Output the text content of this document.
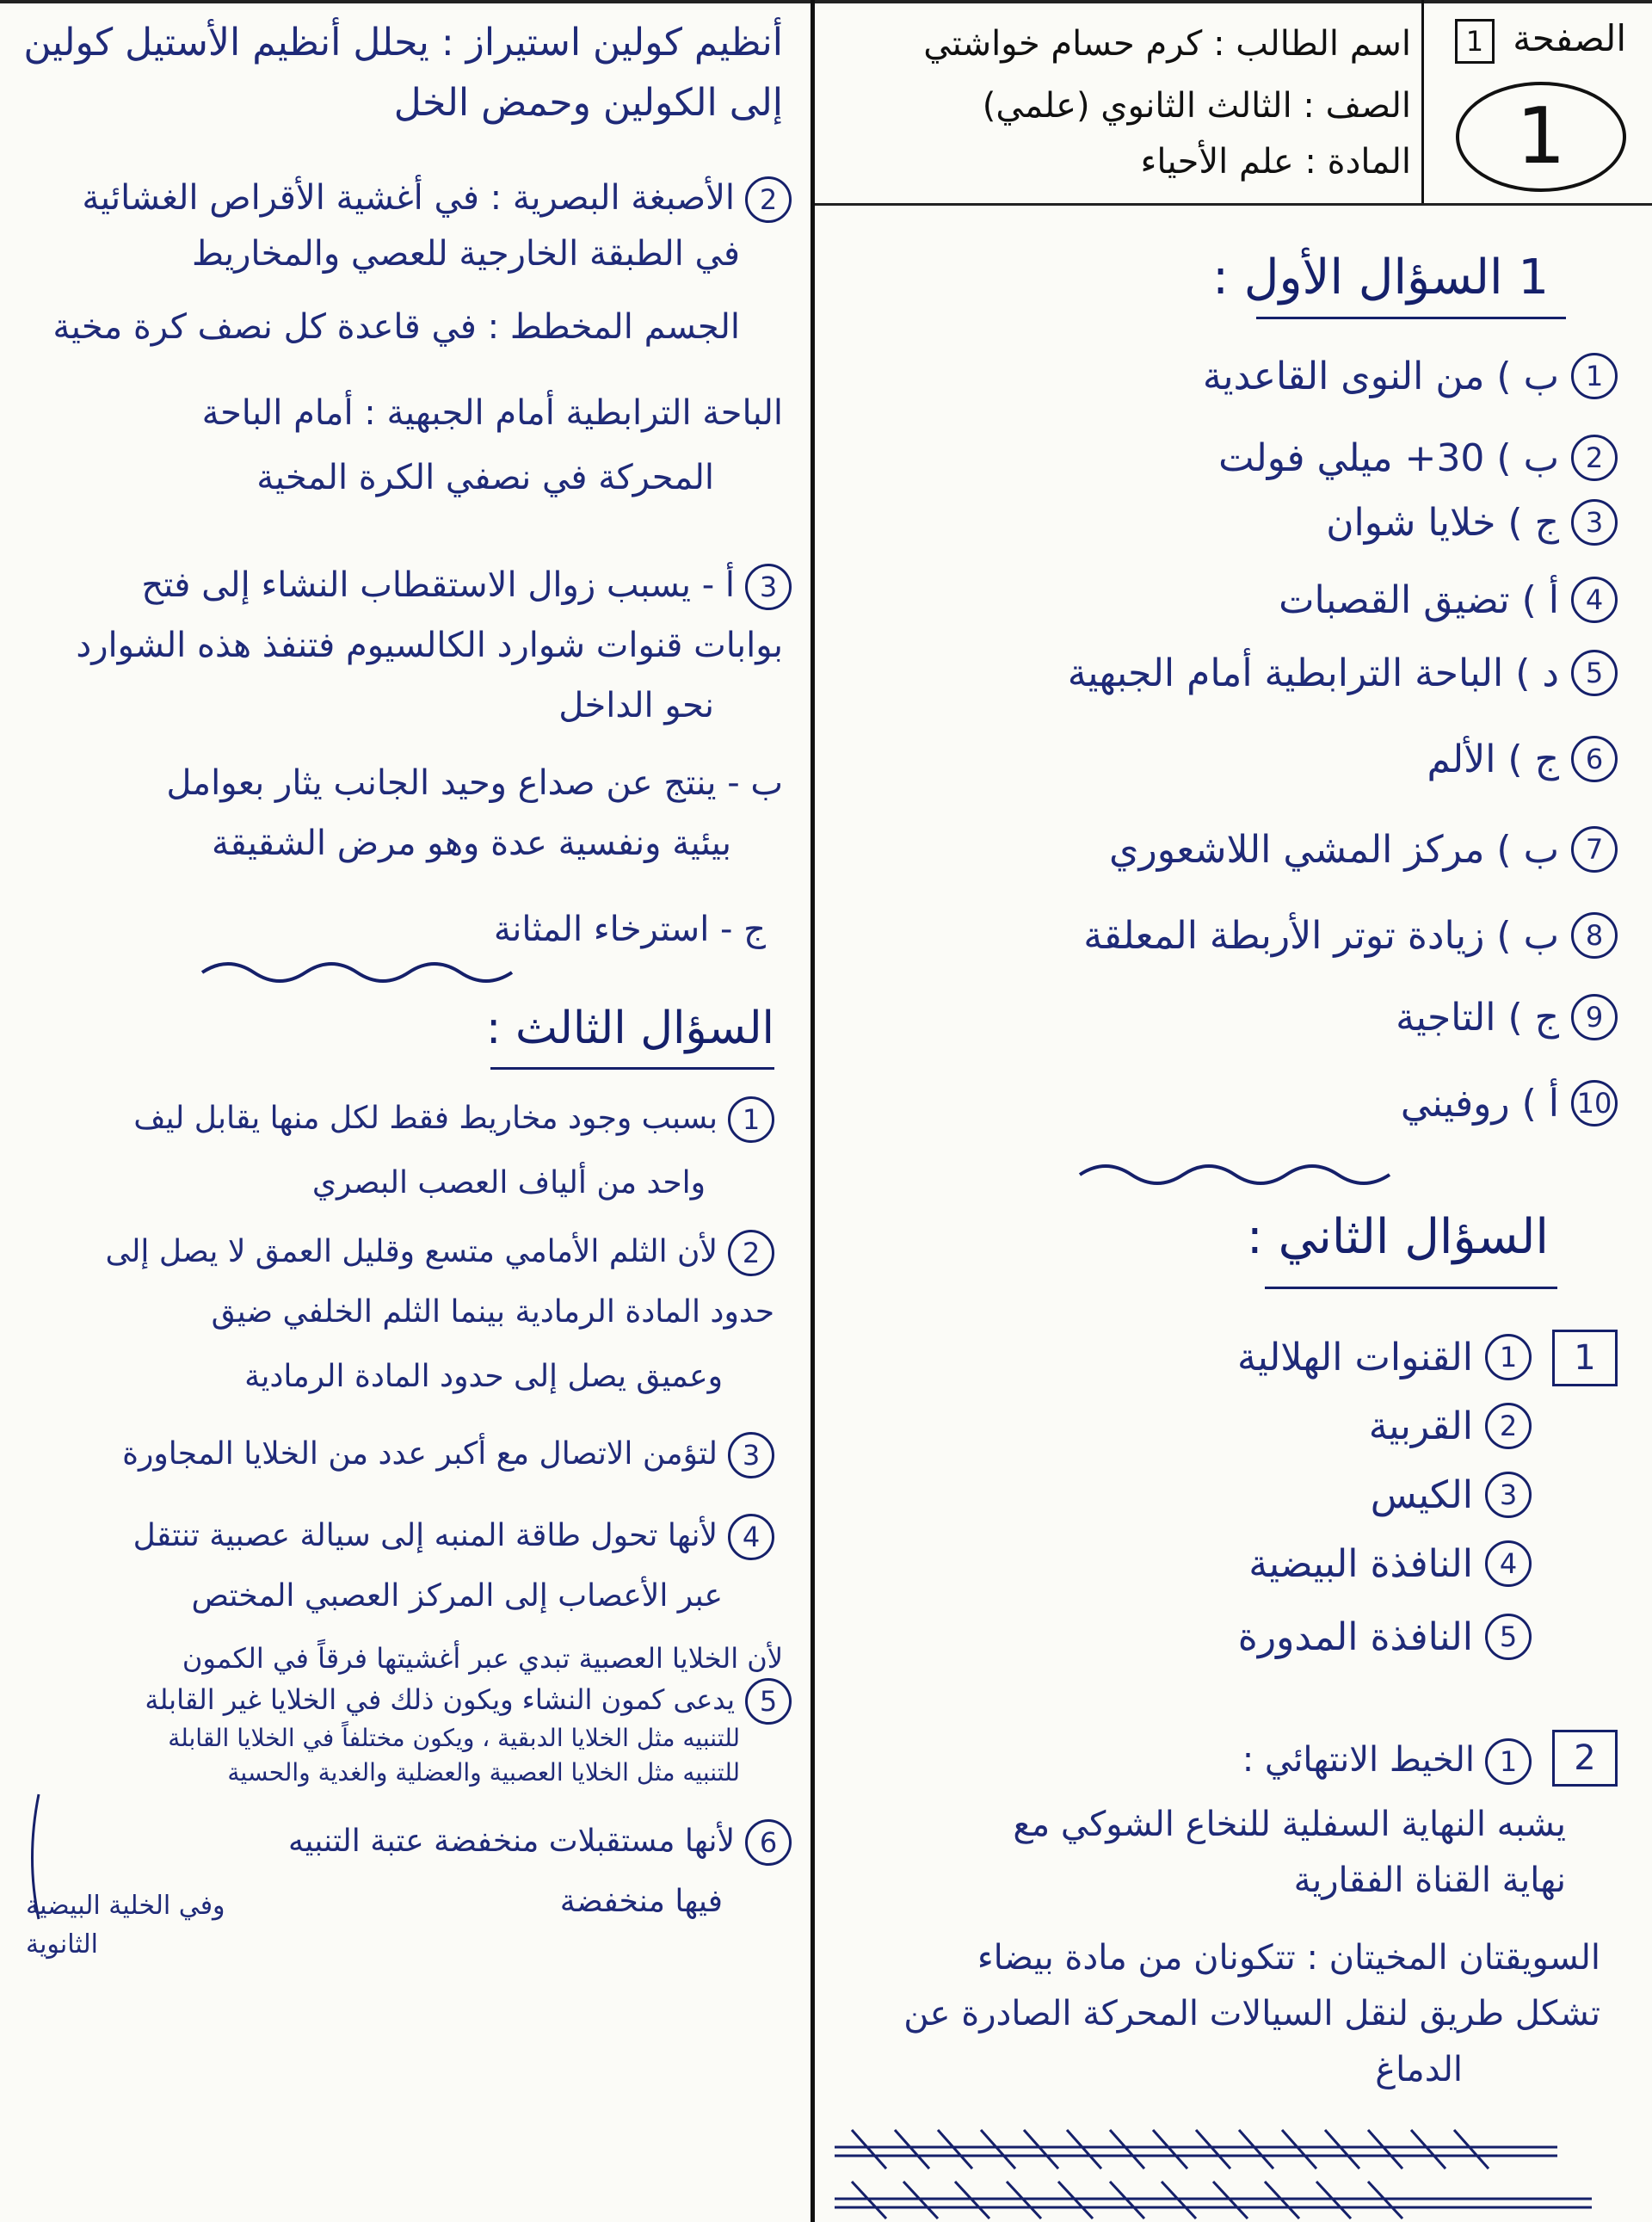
الصفحة 1
1
اسم الطالب : كرم حسام خواشتي
الصف : الثالث الثانوي (علمي)
المادة : علم الأحياء
1 السؤال الأول :
1
ب ) من النوى القاعدية
2
ب ) 30+ ميلي فولت
3
ج ) خلايا شوان
4
أ ) تضيق القصبات
5
د ) الباحة الترابطية أمام الجبهية
6
ج ) الألم
7
ب ) مركز المشي اللاشعوري
8
ب ) زيادة توتر الأربطة المعلقة
9
ج ) التاجية
10
أ ) روفيني
السؤال الثاني :
1
1
القنوات الهلالية
2
القربية
3
الكيس
4
النافذة البيضية
5
النافذة المدورة
2
1الخيط الانتهائي :
يشبه النهاية السفلية للنخاع الشوكي مع
نهاية القناة الفقارية
السويقتان المخيتان : تتكونان من مادة بيضاء
تشكل طريق لنقل السيالات المحركة الصادرة عن
الدماغ
أنظيم كولين استيراز : يحلل أنظيم الأستيل كولين
إلى الكولين وحمض الخل
2الأصبغة البصرية : في أغشية الأقراص الغشائية
في الطبقة الخارجية للعصي والمخاريط
الجسم المخطط : في قاعدة كل نصف كرة مخية
الباحة الترابطية أمام الجبهية : أمام الباحة
المحركة في نصفي الكرة المخية
3أ - يسبب زوال الاستقطاب النشاء إلى فتح
بوابات قنوات شوارد الكالسيوم فتنفذ هذه الشوارد
نحو الداخل
ب - ينتج عن صداع وحيد الجانب يثار بعوامل
بيئية ونفسية عدة وهو مرض الشقيقة
ج - استرخاء المثانة
السؤال الثالث :
1بسبب وجود مخاريط فقط لكل منها يقابل ليف
واحد من ألياف العصب البصري
2لأن الثلم الأمامي متسع وقليل العمق لا يصل إلى
حدود المادة الرمادية بينما الثلم الخلفي ضيق
وعميق يصل إلى حدود المادة الرمادية
3لتؤمن الاتصال مع أكبر عدد من الخلايا المجاورة
4لأنها تحول طاقة المنبه إلى سيالة عصبية تنتقل
عبر الأعصاب إلى المركز العصبي المختص
لأن الخلايا العصبية تبدي عبر أغشيتها فرقاً في الكمون
5يدعى كمون النشاء ويكون ذلك في الخلايا غير القابلة
للتنبيه مثل الخلايا الدبقية ، ويكون مختلفاً في الخلايا القابلة
للتنبيه مثل الخلايا العصبية والعضلية والغدية والحسية
6لأنها مستقبلات منخفضة عتبة التنبيه
فيها منخفضة
وفي الخلية البيضية
الثانوية
